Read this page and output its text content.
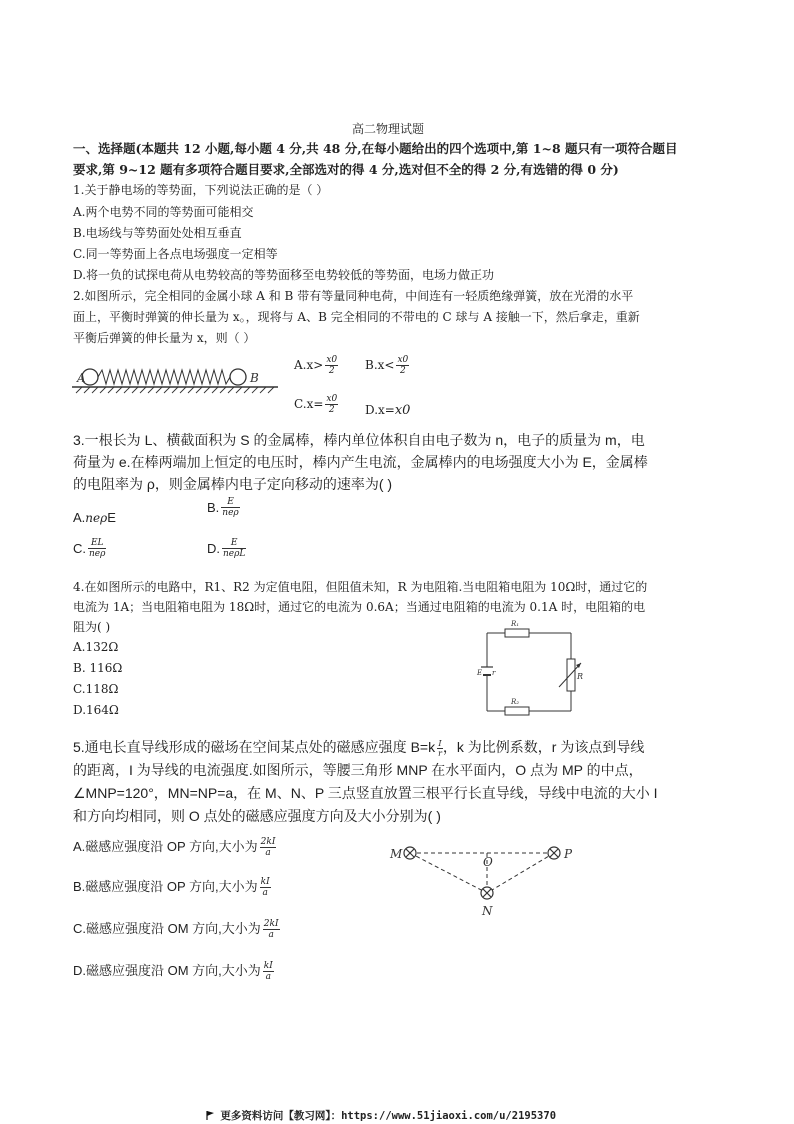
高二物理试题
一、选择题(本题共 12 小题,每小题 4 分,共 48 分,在每小题给出的四个选项中,第 1~8 题只有一项符合题目
要求,第 9~12 题有多项符合题目要求,全部选对的得 4 分,选对但不全的得 2 分,有选错的得 0 分)
1.关于静电场的等势面，下列说法正确的是（ ）
A.两个电势不同的等势面可能相交
B.电场线与等势面处处相互垂直
C.同一等势面上各点电场强度一定相等
D.将一负的试探电荷从电势较高的等势面移至电势较低的等势面，电场力做正功
2.如图所示，完全相同的金属小球 A 和 B 带有等量同种电荷，中间连有一轻质绝缘弹簧，放在光滑的水平
面上，平衡时弹簧的伸长量为 x。，现将与 A、B 完全相同的不带电的 C 球与 A 接触一下，然后拿走，重新
平衡后弹簧的伸长量为 x，则（ ）
A	B
$A.x> \frac{x0}{2} B.x< \frac{x0}{2}$
$C.x= \frac{x0}{2} D.x=x0$
3.一根长为 L、横截面积为 S 的金属棒，棒内单位体积自由电子数为 n，电子的质量为 m，电
荷量为 e.在棒两端加上恒定的电压时，棒内产生电流，金属棒内的电场强度大小为 E，金属棒
的电阻率为 ρ，则金属棒内电子定向移动的速率为( )
A.neρE
B. $\frac{E}{\text{neρ}}$
C. $\frac{EL}{\text{neρ}}$	D. $\frac{E}{\text{neρL}}$
4.在如图所示的电路中，R1、R2 为定值电阻，但阻值未知，R 为电阻箱.当电阻箱电阻为 10Ω时，通过它的
电流为 1A；当电阻箱电阻为 18Ω时，通过它的电流为 0.6A；当通过电阻箱的电流为 0.1A 时，电阻箱的电
阻为( )
A.132Ω
B. 116Ω
C.118Ω
D.164Ω
R₁
R₂
R
E r
5.通电长直导线形成的磁场在空间某点处的磁感应强度 $B=k \frac{I}{r}$ ，k 为比例系数，r 为该点到导线
的距离，I 为导线的电流强度.如图所示，等腰三角形 MNP 在水平面内，O 点为 MP 的中点，
∠MNP=120°，MN=NP=a，在 M、N、P 三点竖直放置三根平行长直导线，导线中电流的大小 I
和方向均相同，则 O 点处的磁感应强度方向及大小分别为( )
A.磁感应强度沿 OP 方向,大小为 $\frac{2kI}{a}$
B.磁感应强度沿 OP 方向,大小为 $\frac{kI}{a}$
C.磁感应强度沿 OM 方向,大小为 $\frac{2kI}{a}$
D.磁感应强度沿 OM 方向,大小为 $\frac{kI}{a}$
M
O
P
N
更多资料访问【教习网】：https://www.51jiaoxi.com/u/2195370
